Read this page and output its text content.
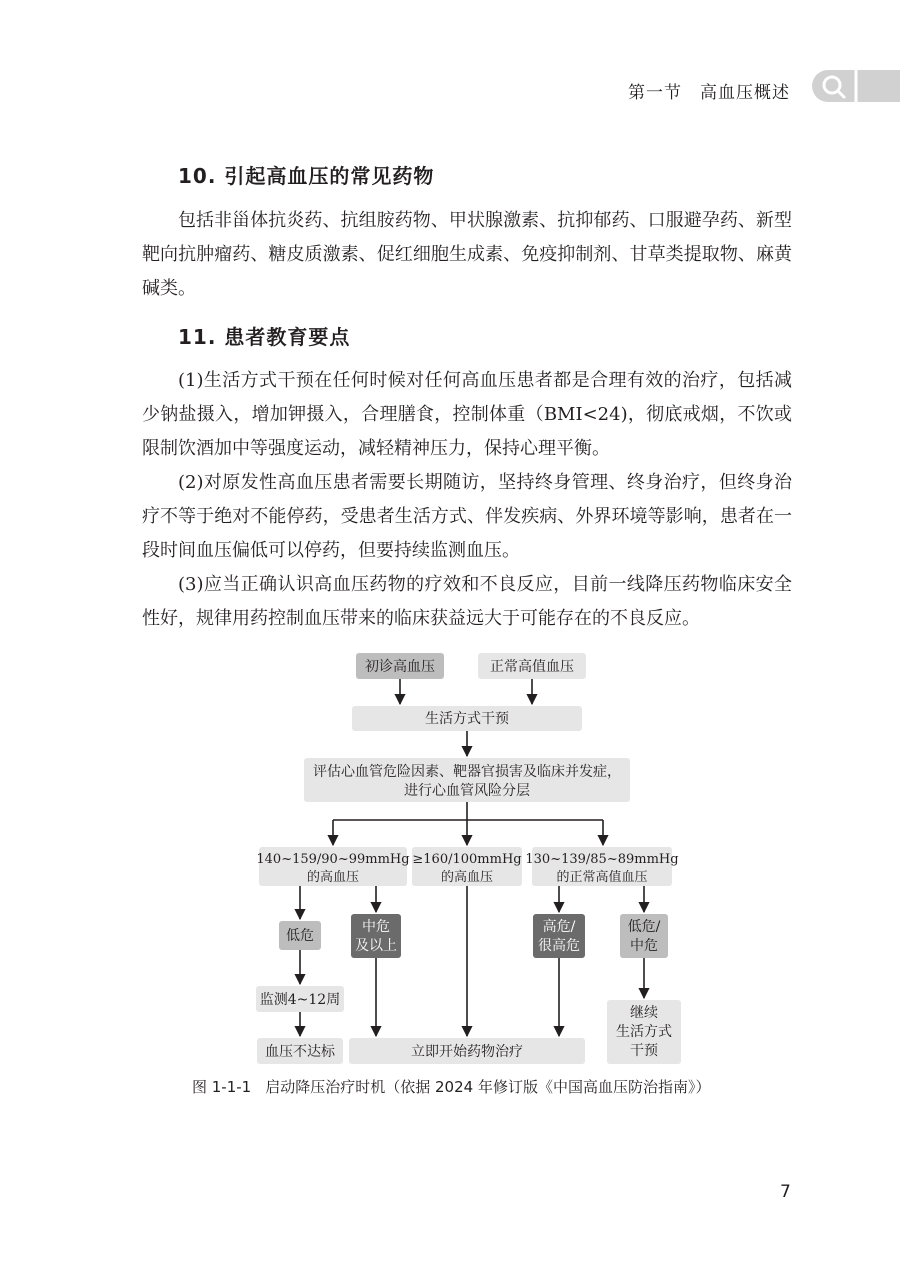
第一节　高血压概述
10. 引起高血压的常见药物

包括非甾体抗炎药、抗组胺药物、甲状腺激素、抗抑郁药、口服避孕药、新型靶向抗肿瘤药、糖皮质激素、促红细胞生成素、免疫抑制剂、甘草类提取物、麻黄碱类。

11. 患者教育要点

(1)生活方式干预在任何时候对任何高血压患者都是合理有效的治疗，包括减少钠盐摄入，增加钾摄入，合理膳食，控制体重（BMI<24)，彻底戒烟，不饮或限制饮酒加中等强度运动，减轻精神压力，保持心理平衡。

(2)对原发性高血压患者需要长期随访，坚持终身管理、终身治疗，但终身治疗不等于绝对不能停药，受患者生活方式、伴发疾病、外界环境等影响，患者在一段时间血压偏低可以停药，但要持续监测血压。

(3)应当正确认识高血压药物的疗效和不良反应，目前一线降压药物临床安全性好，规律用药控制血压带来的临床获益远大于可能存在的不良反应。

初诊高血压	正常高值血压
生活方式干预
评估心血管危险因素、靶器官损害及临床并发症，
进行心血管风险分层
140~159/90~99mmHg
的高血压
≥160/100mmHg
的高血压
130~139/85~89mmHg
的正常高值血压
低危
中危
及以上
高危/
很高危
低危/
中危
监测4~12周
血压不达标	立即开始药物治疗
继续
生活方式
干预
图 1-1-1 启动降压治疗时机（依据 2024 年修订版《中国高血压防治指南》）
7
